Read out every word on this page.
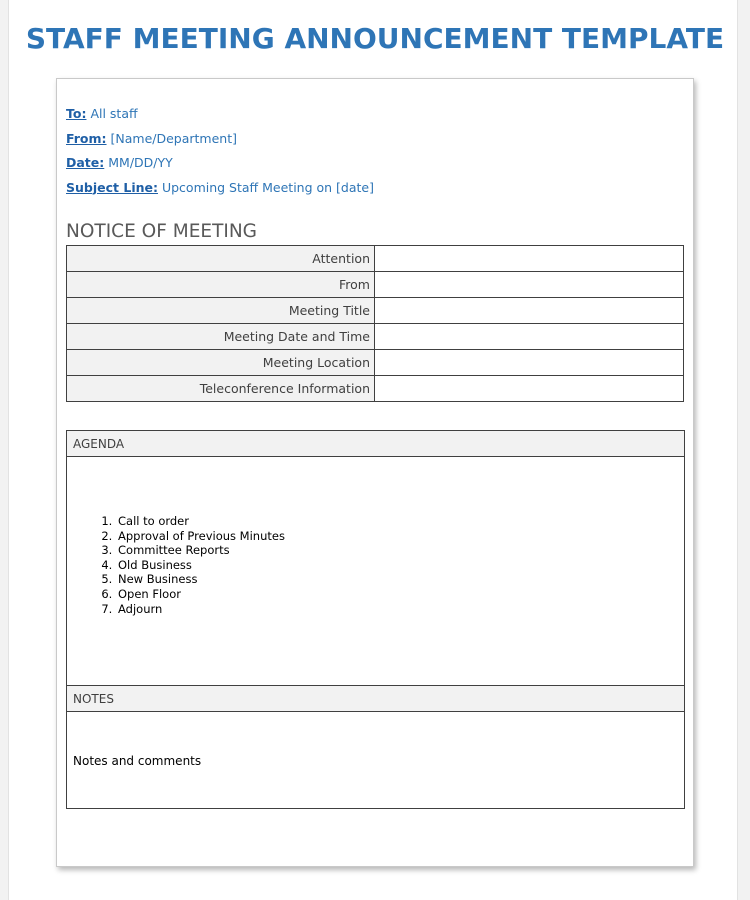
STAFF MEETING ANNOUNCEMENT TEMPLATE
To: All staff
From: [Name/Department]
Date: MM/DD/YY
Subject Line: Upcoming Staff Meeting on [date]
NOTICE OF MEETING
Attention	
From	
Meeting Title	
Meeting Date and Time	
Meeting Location	
Teleconference Information	
AGENDA
1. Call to order
2. Approval of Previous Minutes
3. Committee Reports
4. Old Business
5. New Business
6. Open Floor
7. Adjourn
NOTES
Notes and comments
